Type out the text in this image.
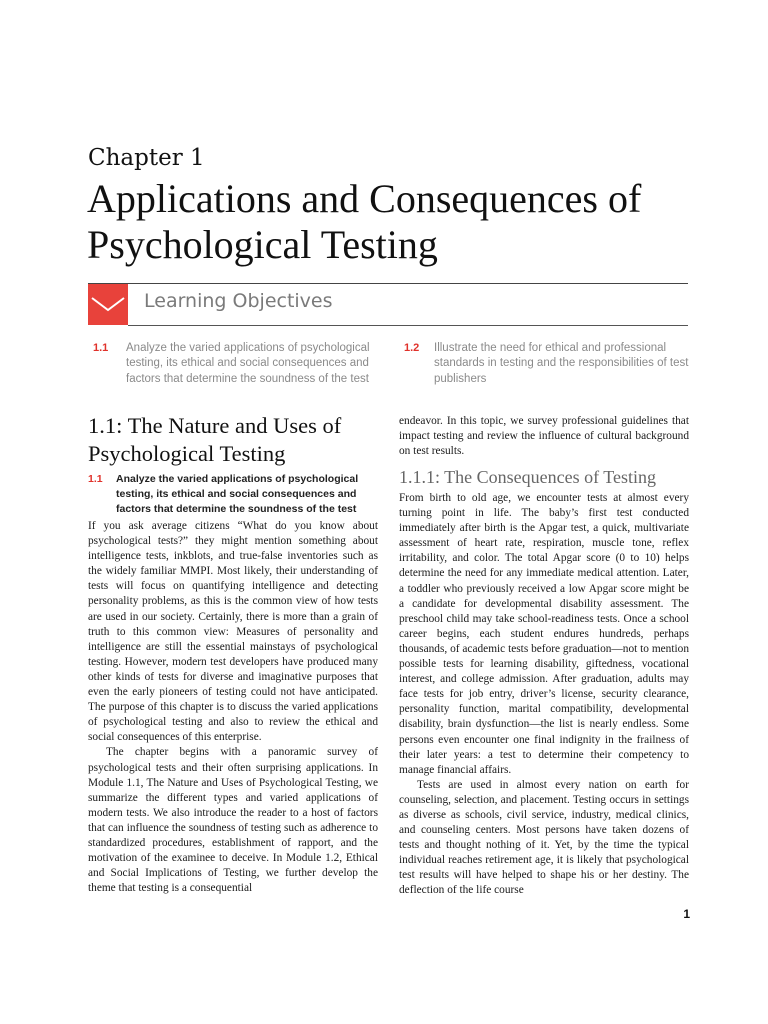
Chapter 1
Applications and Consequences of Psychological Testing
Learning Objectives
1.1 Analyze the varied applications of psychological testing, its ethical and social consequences and factors that determine the soundness of the test
1.2 Illustrate the need for ethical and professional standards in testing and the responsibilities of test publishers
1.1: The Nature and Uses of Psychological Testing
1.1 Analyze the varied applications of psychological testing, its ethical and social consequences and factors that determine the soundness of the test

If you ask average citizens “What do you know about psychological tests?” they might mention something about intelligence tests, inkblots, and true-false inventories such as the widely familiar MMPI. Most likely, their understanding of tests will focus on quantifying intelligence and detecting personality problems, as this is the common view of how tests are used in our society. Certainly, there is more than a grain of truth to this common view: Measures of personality and intelligence are still the essential mainstays of psychological testing. However, modern test developers have produced many other kinds of tests for diverse and imaginative purposes that even the early pioneers of testing could not have anticipated. The purpose of this chapter is to discuss the varied applications of psychological testing and also to review the ethical and social consequences of this enterprise.

The chapter begins with a panoramic survey of psychological tests and their often surprising applications. In Module 1.1, The Nature and Uses of Psychological Testing, we summarize the different types and varied applications of modern tests. We also introduce the reader to a host of factors that can influence the soundness of testing such as adherence to standardized procedures, establishment of rapport, and the motivation of the examinee to deceive. In Module 1.2, Ethical and Social Implications of Testing, we further develop the theme that testing is a consequential

endeavor. In this topic, we survey professional guidelines that impact testing and review the influence of cultural background on test results.

1.1.1: The Consequences of Testing

From birth to old age, we encounter tests at almost every turning point in life. The baby’s first test conducted immediately after birth is the Apgar test, a quick, multivariate assessment of heart rate, respiration, muscle tone, reflex irritability, and color. The total Apgar score (0 to 10) helps determine the need for any immediate medical attention. Later, a toddler who previously received a low Apgar score might be a candidate for developmental disability assessment. The preschool child may take school-readiness tests. Once a school career begins, each student endures hundreds, perhaps thousands, of academic tests before graduation—not to mention possible tests for learning disability, giftedness, vocational interest, and college admission. After graduation, adults may face tests for job entry, driver’s license, security clearance, personality function, marital compatibility, developmental disability, brain dysfunction—the list is nearly endless. Some persons even encounter one final indignity in the frailness of their later years: a test to determine their competency to manage financial affairs.

Tests are used in almost every nation on earth for counseling, selection, and placement. Testing occurs in settings as diverse as schools, civil service, industry, medical clinics, and counseling centers. Most persons have taken dozens of tests and thought nothing of it. Yet, by the time the typical individual reaches retirement age, it is likely that psychological test results will have helped to shape his or her destiny. The deflection of the life course

1
